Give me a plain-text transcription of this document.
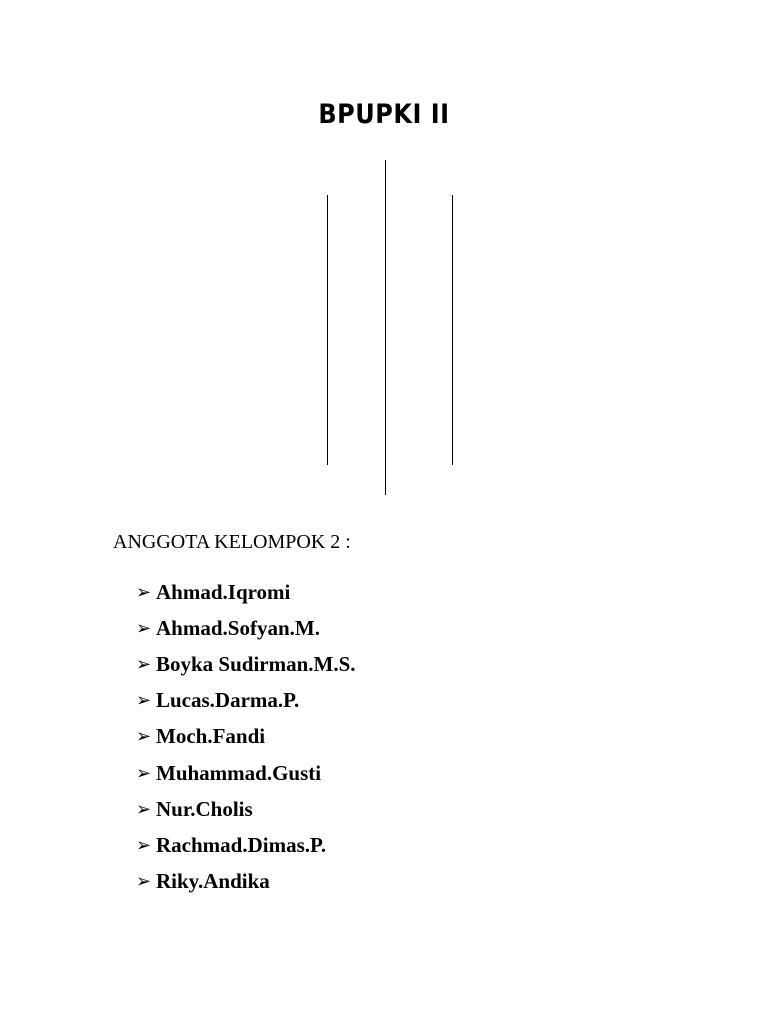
BPUPKI II
ANGGOTA KELOMPOK 2 :
➢ Ahmad.Iqromi
➢ Ahmad.Sofyan.M.
➢ Boyka Sudirman.M.S.
➢ Lucas.Darma.P.
➢ Moch.Fandi
➢ Muhammad.Gusti
➢ Nur.Cholis
➢ Rachmad.Dimas.P.
➢ Riky.Andika
